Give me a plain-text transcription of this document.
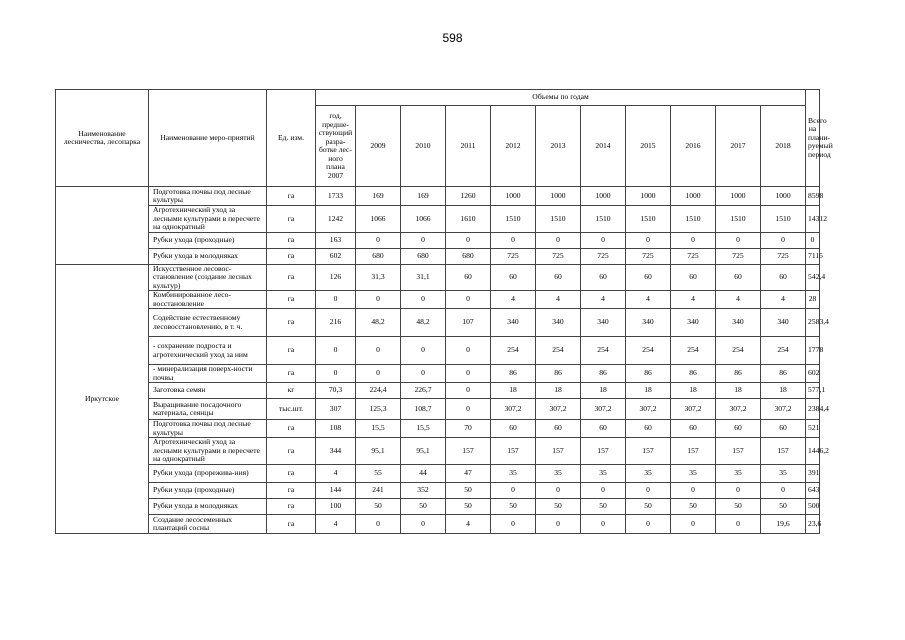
598
Наименование лесничества, лесопарка	Наименование меро-приятий	Ед. изм.	Объемы по годам											Всего на плани-руемый период
			год, предше-ствующий разра-ботке лес-ного плана 2007	2009	2010	2011	2012	2013	2014	2015	2016	2017	2018	
	Подготовка почвы под лесные культуры	га	1733	169	169	1260	1000	1000	1000	1000	1000	1000	1000	8598
	Агротехнический уход за лесными культурами в пересчете на однократный	га	1242	1066	1066	1610	1510	1510	1510	1510	1510	1510	1510	14312
	Рубки ухода (проходные)	га	163	0	0	0	0	0	0	0	0	0	0	0
	Рубки ухода в молодняках	га	602	680	680	680	725	725	725	725	725	725	725	7115
Иркутское	Искусственное лесовос-становление (создание лесных культур)	га	126	31,3	31,1	60	60	60	60	60	60	60	60	542,4
	Комбинированное лесо-восстановление	га	0	0	0	0	4	4	4	4	4	4	4	28
	Содействие естественному лесовосстановлению, в т. ч.	га	216	48,2	48,2	107	340	340	340	340	340	340	340	2583,4
	- сохранение подроста и агротехнический уход за ним	га	0	0	0	0	254	254	254	254	254	254	254	1778
	- минерализация поверх-ности почвы	га	0	0	0	0	86	86	86	86	86	86	86	602
	Заготовка семян	кг	70,3	224,4	226,7	0	18	18	18	18	18	18	18	577,1
	Выращивание посадочного материала, сеянцы	тыс.шт.	307	125,3	108,7	0	307,2	307,2	307,2	307,2	307,2	307,2	307,2	2384,4
	Подготовка почвы под лесные культуры	га	108	15,5	15,5	70	60	60	60	60	60	60	60	521
	Агротехнический уход за лесными культурами в пересчете на однократный	га	344	95,1	95,1	157	157	157	157	157	157	157	157	1446,2
	Рубки ухода (прорежива-ния)	га	4	55	44	47	35	35	35	35	35	35	35	391
	Рубки ухода (проходные)	га	144	241	352	50	0	0	0	0	0	0	0	643
	Рубки ухода в молодняках	га	100	50	50	50	50	50	50	50	50	50	50	500
	Создание лесосеменных плантаций сосны	га	4	0	0	4	0	0	0	0	0	0	19,6	23,6
